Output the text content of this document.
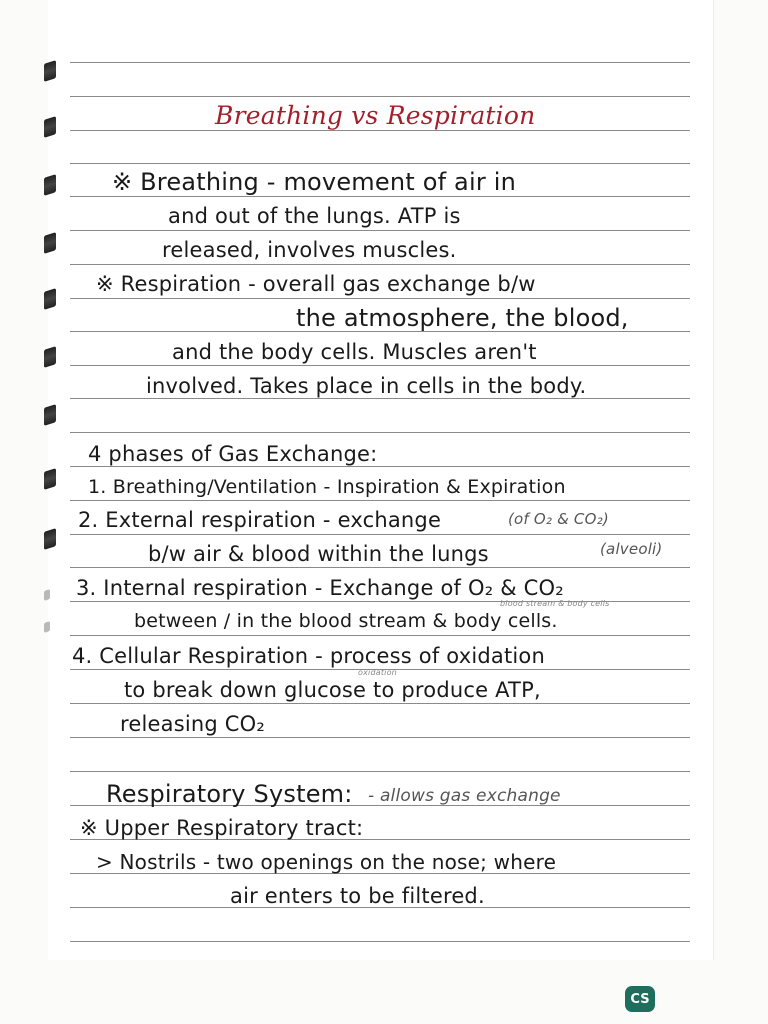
Breathing vs Respiration
※ Breathing - movement of air in
and out of the lungs. ATP is
released, involves muscles.
※ Respiration - overall gas exchange b/w
the atmosphere, the blood,
and the body cells. Muscles aren't
involved. Takes place in cells in the body.
4 phases of Gas Exchange:
1. Breathing/Ventilation - Inspiration & Expiration
2. External respiration - exchange	(of O₂ & CO₂)
b/w air & blood within the lungs	(alveoli)
3. Internal respiration - Exchange of O₂ & CO₂
blood stream & body cells
between / in the blood stream & body cells.
4. Cellular Respiration - process of oxidation
oxidation
to break down glucose to produce ATP,
releasing CO₂
Respiratory System: - allows gas exchange
※ Upper Respiratory tract:
> Nostrils - two openings on the nose; where
air enters to be filtered.
CS
